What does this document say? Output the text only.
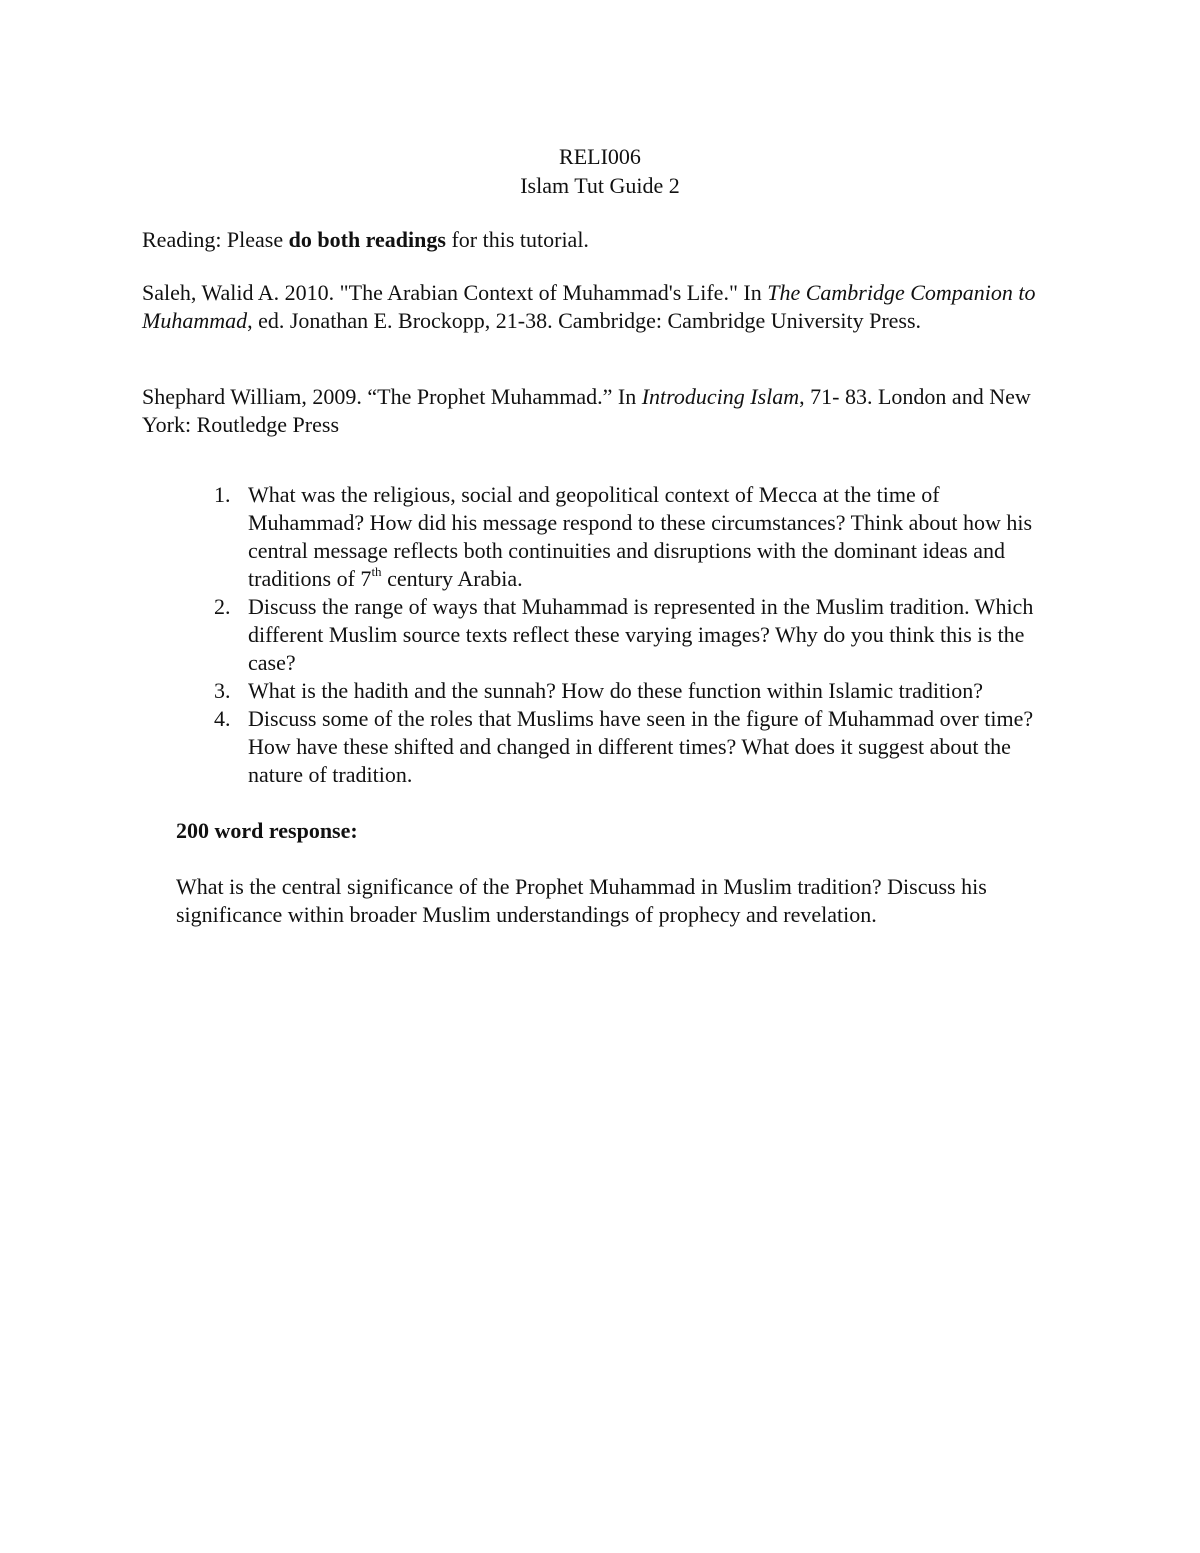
RELI006
Islam Tut Guide 2
Reading: Please do both readings for this tutorial.
Saleh, Walid A. 2010. "The Arabian Context of Muhammad's Life." In The Cambridge Companion to Muhammad, ed. Jonathan E. Brockopp, 21-38. Cambridge: Cambridge University Press.
Shephard William, 2009. “The Prophet Muhammad.” In Introducing Islam, 71- 83. London and New York: Routledge Press
1. What was the religious, social and geopolitical context of Mecca at the time of Muhammad? How did his message respond to these circumstances? Think about how his central message reflects both continuities and disruptions with the dominant ideas and traditions of 7th century Arabia.
2. Discuss the range of ways that Muhammad is represented in the Muslim tradition. Which different Muslim source texts reflect these varying images? Why do you think this is the case?
3. What is the hadith and the sunnah? How do these function within Islamic tradition?
4. Discuss some of the roles that Muslims have seen in the figure of Muhammad over time? How have these shifted and changed in different times? What does it suggest about the nature of tradition.
200 word response:
What is the central significance of the Prophet Muhammad in Muslim tradition? Discuss his significance within broader Muslim understandings of prophecy and revelation.
